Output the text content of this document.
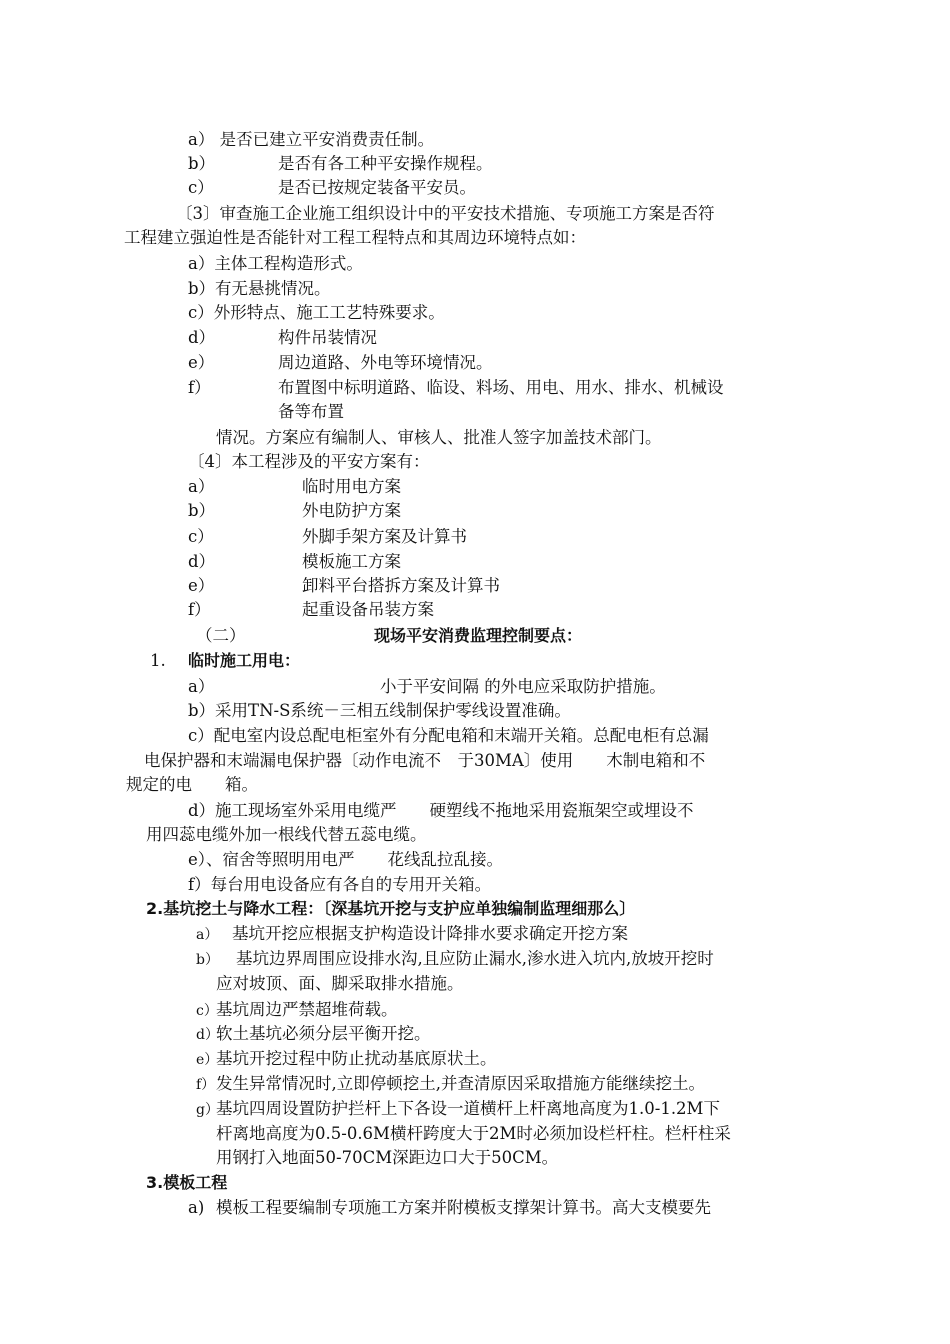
a） 是否已建立平安消费责任制。
b）	是否有各工种平安操作规程。
c）	是否已按规定装备平安员。
〔3〕审查施工企业施工组织设计中的平安技术措施、专项施工方案是否符
工程建立强迫性是否能针对工程工程特点和其周边环境特点如：
a）主体工程构造形式。
b）有无悬挑情况。
c）外形特点、施工工艺特殊要求。
d）	构件吊装情况
e）	周边道路、外电等环境情况。
f）	布置图中标明道路、临设、料场、用电、用水、排水、机械设
备等布置
情况。方案应有编制人、审核人、批准人签字加盖技术部门。
〔4〕本工程涉及的平安方案有：
a）	临时用电方案
b）	外电防护方案
c）	外脚手架方案及计算书
d）	模板施工方案
e）	卸料平台搭拆方案及计算书
f）	起重设备吊装方案
（二）	现场平安消费监理控制要点：
1. 临时施工用电：
a）	小于平安间隔 的外电应采取防护措施。
b）采用TN-S系统－三相五线制保护零线设置准确。
c）配电室内设总配电柜室外有分配电箱和末端开关箱。总配电柜有总漏
电保护器和末端漏电保护器〔动作电流不　于30MA〕使用　　木制电箱和不
规定的电　　箱。
d）施工现场室外采用电缆严　　硬塑线不拖地采用瓷瓶架空或埋设不
用四蕊电缆外加一根线代替五蕊电缆。
e）、宿舍等照明用电严　　花线乱拉乱接。
f）每台用电设备应有各自的专用开关箱。
2.基坑挖土与降水工程：〔深基坑开挖与支护应单独编制监理细那么〕
a） 基坑开挖应根据支护构造设计降排水要求确定开挖方案
b） 基坑边界周围应设排水沟,且应防止漏水,渗水进入坑内,放坡开挖时
应对坡顶、面、脚采取排水措施。
c）
基坑周边严禁超堆荷载。
d）
软土基坑必须分层平衡开挖。
e）
基坑开挖过程中防止扰动基底原状土。
f） 发生异常情况时,立即停顿挖土,并查清原因采取措施方能继续挖土。
g）
基坑四周设置防护拦杆上下各设一道横杆上杆离地高度为1.0-1.2M下
杆离地高度为0.5-0.6M横杆跨度大于2M时必须加设栏杆柱。栏杆柱采
用钢打入地面50-70CM深距边口大于50CM。
3.模板工程
a) 模板工程要编制专项施工方案并附模板支撑架计算书。高大支模要先
